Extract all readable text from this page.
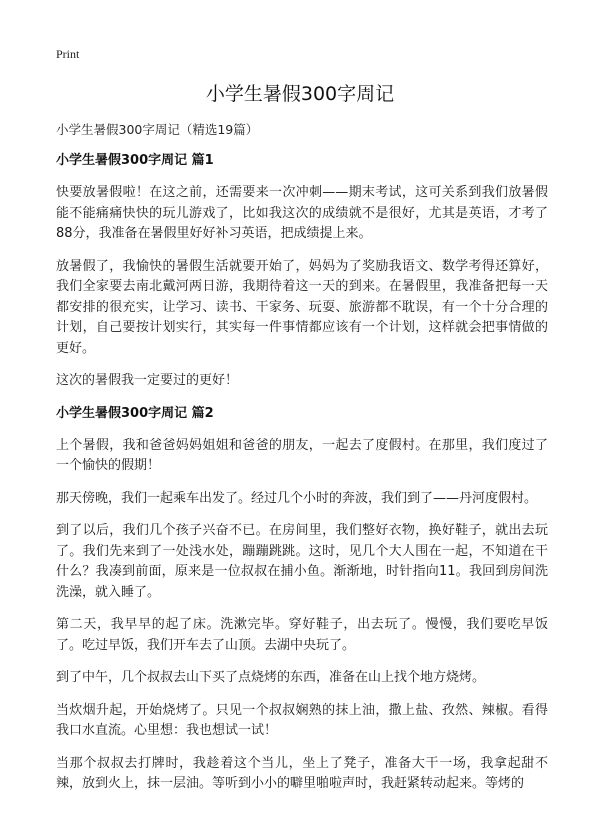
Print
小学生暑假300字周记
小学生暑假300字周记（精选19篇）
小学生暑假300字周记 篇1

快要放暑假啦！在这之前，还需要来一次冲刺——期末考试，这可关系到我们放暑假能不能痛痛快快的玩儿游戏了，比如我这次的成绩就不是很好，尤其是英语，才考了88分，我准备在暑假里好好补习英语，把成绩提上来。

放暑假了，我愉快的暑假生活就要开始了，妈妈为了奖励我语文、数学考得还算好，我们全家要去南北戴河两日游，我期待着这一天的到来。在暑假里，我准备把每一天都安排的很充实，让学习、读书、干家务、玩耍、旅游都不耽误，有一个十分合理的计划，自己要按计划实行，其实每一件事情都应该有一个计划，这样就会把事情做的更好。

这次的暑假我一定要过的更好！

小学生暑假300字周记 篇2

上个暑假，我和爸爸妈妈姐姐和爸爸的朋友，一起去了度假村。在那里，我们度过了一个愉快的假期！

那天傍晚，我们一起乘车出发了。经过几个小时的奔波，我们到了——丹河度假村。

到了以后，我们几个孩子兴奋不已。在房间里，我们整好衣物，换好鞋子，就出去玩了。我们先来到了一处浅水处，蹦蹦跳跳。这时，见几个大人围在一起，不知道在干什么？我凑到前面，原来是一位叔叔在捕小鱼。渐渐地，时针指向11。我回到房间洗洗澡，就入睡了。

第二天，我早早的起了床。洗漱完毕。穿好鞋子，出去玩了。慢慢，我们要吃早饭了。吃过早饭，我们开车去了山顶。去湖中央玩了。

到了中午，几个叔叔去山下买了点烧烤的东西，准备在山上找个地方烧烤。

当炊烟升起，开始烧烤了。只见一个叔叔娴熟的抹上油，撒上盐、孜然、辣椒。看得我口水直流。心里想：我也想试一试！

当那个叔叔去打牌时，我趁着这个当儿，坐上了凳子，准备大干一场，我拿起甜不辣，放到火上，抹一层油。等听到小小的噼里啪啦声时，我赶紧转动起来。等烤的
